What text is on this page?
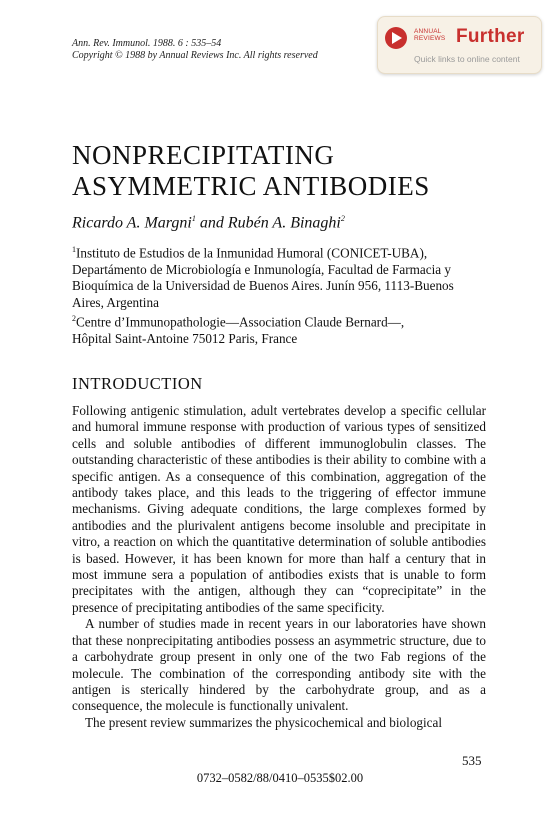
Ann. Rev. Immunol. 1988. 6 : 535–54
Copyright © 1988 by Annual Reviews Inc. All rights reserved
ANNUAL
REVIEWS Further
Quick links to online content
NONPRECIPITATING
ASYMMETRIC ANTIBODIES
Ricardo A. Margni$^1$ and Rubén A. Binaghi$^2$
$^1$Instituto de Estudios de la Inmunidad Humoral (CONICET-UBA),
Departámento de Microbiología e Inmunología, Facultad de Farmacia y
Bioquímica de la Universidad de Buenos Aires. Junín 956, 1113-Buenos
Aires, Argentina
$^2$Centre d’Immunopathologie—Association Claude Bernard—,
Hôpital Saint-Antoine 75012 Paris, France
INTRODUCTION

Following antigenic stimulation, adult vertebrates develop a specific cellular and humoral immune response with production of various types of sensitized cells and soluble antibodies of different immunoglobulin classes. The outstanding characteristic of these antibodies is their ability to combine with a specific antigen. As a consequence of this combination, aggregation of the antibody takes place, and this leads to the triggering of effector immune mechanisms. Giving adequate conditions, the large complexes formed by antibodies and the plurivalent antigens become insoluble and precipitate in vitro, a reaction on which the quantitative determination of soluble antibodies is based. However, it has been known for more than half a century that in most immune sera a population of antibodies exists that is unable to form precipitates with the antigen, although they can “coprecipitate” in the presence of precipitating antibodies of the same specificity.

A number of studies made in recent years in our laboratories have shown that these nonprecipitating antibodies possess an asymmetric structure, due to a carbohydrate group present in only one of the two Fab regions of the molecule. The combination of the corresponding antibody site with the antigen is sterically hindered by the carbohydrate group, and as a consequence, the molecule is functionally univalent.

The present review summarizes the physicochemical and biological

535
0732–0582/88/0410–0535$02.00
